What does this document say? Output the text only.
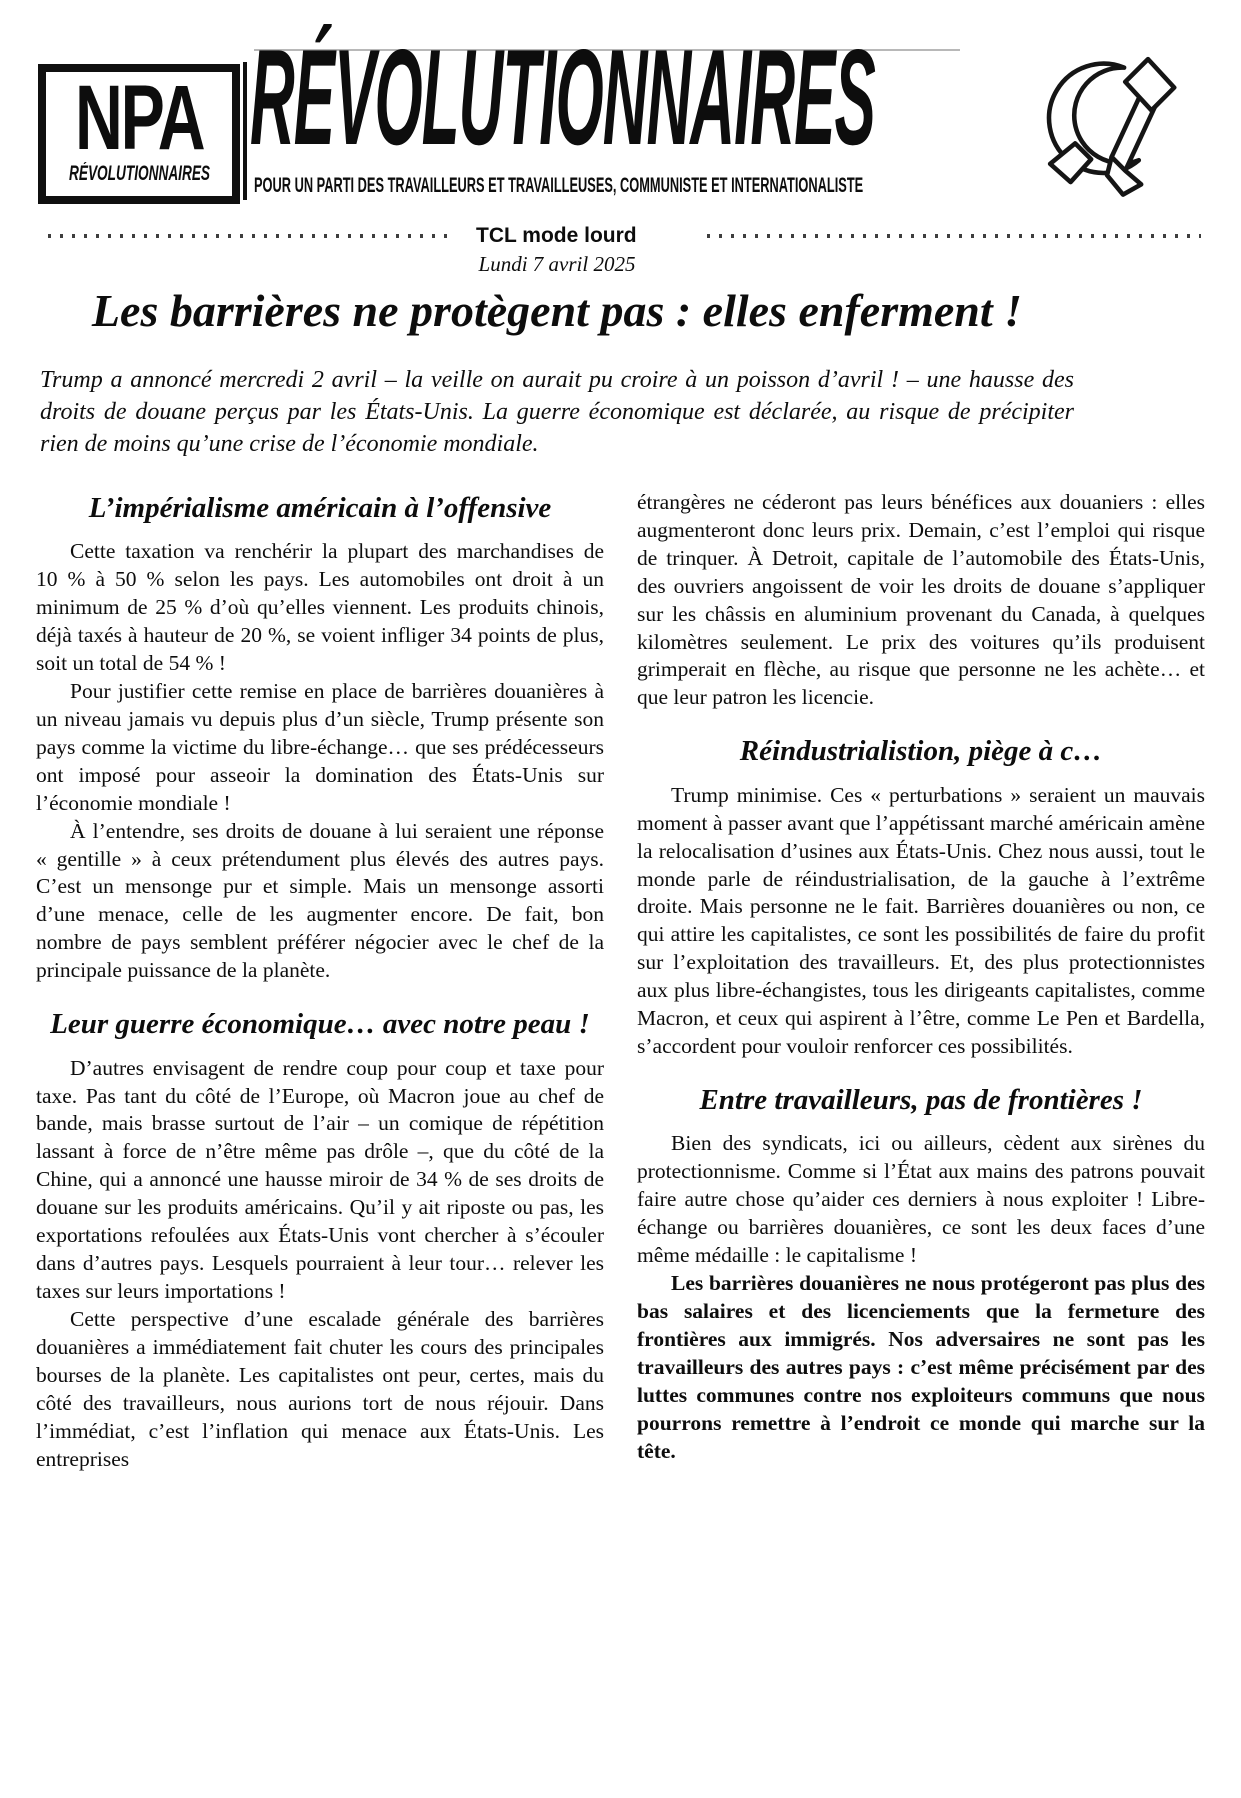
NPA
RÉVOLUTIONNAIRES
RÉVOLUTIONNAIRES
POUR UN PARTI DES TRAVAILLEURS ET TRAVAILLEUSES, COMMUNISTE ET INTERNATIONALISTE
TCL mode lourd
Lundi 7 avril 2025
Les barrières ne protègent pas : elles enferment !

Trump a annoncé mercredi 2 avril – la veille on aurait pu croire à un poisson d’avril ! – une hausse des droits de douane perçus par les États-Unis. La guerre économique est déclarée, au risque de précipiter rien de moins qu’une crise de l’économie mondiale.

L’impérialisme américain à l’offensive

Cette taxation va renchérir la plupart des marchandises de 10 % à 50 % selon les pays. Les automobiles ont droit à un minimum de 25 % d’où qu’elles viennent. Les produits chinois, déjà taxés à hauteur de 20 %, se voient infliger 34 points de plus, soit un total de 54 % !

Pour justifier cette remise en place de barrières douanières à un niveau jamais vu depuis plus d’un siècle, Trump présente son pays comme la victime du libre-échange… que ses prédécesseurs ont imposé pour asseoir la domination des États-Unis sur l’économie mondiale !

À l’entendre, ses droits de douane à lui seraient une réponse « gentille » à ceux prétendument plus élevés des autres pays. C’est un mensonge pur et simple. Mais un mensonge assorti d’une menace, celle de les augmenter encore. De fait, bon nombre de pays semblent préférer négocier avec le chef de la principale puissance de la planète.

Leur guerre économique… avec notre peau !

D’autres envisagent de rendre coup pour coup et taxe pour taxe. Pas tant du côté de l’Europe, où Macron joue au chef de bande, mais brasse surtout de l’air – un comique de répétition lassant à force de n’être même pas drôle –, que du côté de la Chine, qui a annoncé une hausse miroir de 34 % de ses droits de douane sur les produits américains. Qu’il y ait riposte ou pas, les exportations refoulées aux États-Unis vont chercher à s’écouler dans d’autres pays. Lesquels pourraient à leur tour… relever les taxes sur leurs importations !

Cette perspective d’une escalade générale des barrières douanières a immédiatement fait chuter les cours des principales bourses de la planète. Les capitalistes ont peur, certes, mais du côté des travailleurs, nous aurions tort de nous réjouir. Dans l’immédiat, c’est l’inflation qui menace aux États-Unis. Les entreprises

étrangères ne céderont pas leurs bénéfices aux douaniers : elles augmenteront donc leurs prix. Demain, c’est l’emploi qui risque de trinquer. À Detroit, capitale de l’automobile des États-Unis, des ouvriers angoissent de voir les droits de douane s’appliquer sur les châssis en aluminium provenant du Canada, à quelques kilomètres seulement. Le prix des voitures qu’ils produisent grimperait en flèche, au risque que personne ne les achète… et que leur patron les licencie.

Réindustrialistion, piège à c…

Trump minimise. Ces « perturbations » seraient un mauvais moment à passer avant que l’appétissant marché américain amène la relocalisation d’usines aux États-Unis. Chez nous aussi, tout le monde parle de réindustrialisation, de la gauche à l’extrême droite. Mais personne ne le fait. Barrières douanières ou non, ce qui attire les capitalistes, ce sont les possibilités de faire du profit sur l’exploitation des travailleurs. Et, des plus protectionnistes aux plus libre-échangistes, tous les dirigeants capitalistes, comme Macron, et ceux qui aspirent à l’être, comme Le Pen et Bardella, s’accordent pour vouloir renforcer ces possibilités.

Entre travailleurs, pas de frontières !

Bien des syndicats, ici ou ailleurs, cèdent aux sirènes du protectionnisme. Comme si l’État aux mains des patrons pouvait faire autre chose qu’aider ces derniers à nous exploiter ! Libre-échange ou barrières douanières, ce sont les deux faces d’une même médaille : le capitalisme !

Les barrières douanières ne nous protégeront pas plus des bas salaires et des licenciements que la fermeture des frontières aux immigrés. Nos adversaires ne sont pas les travailleurs des autres pays : c’est même précisément par des luttes communes contre nos exploiteurs communs que nous pourrons remettre à l’endroit ce monde qui marche sur la tête.
